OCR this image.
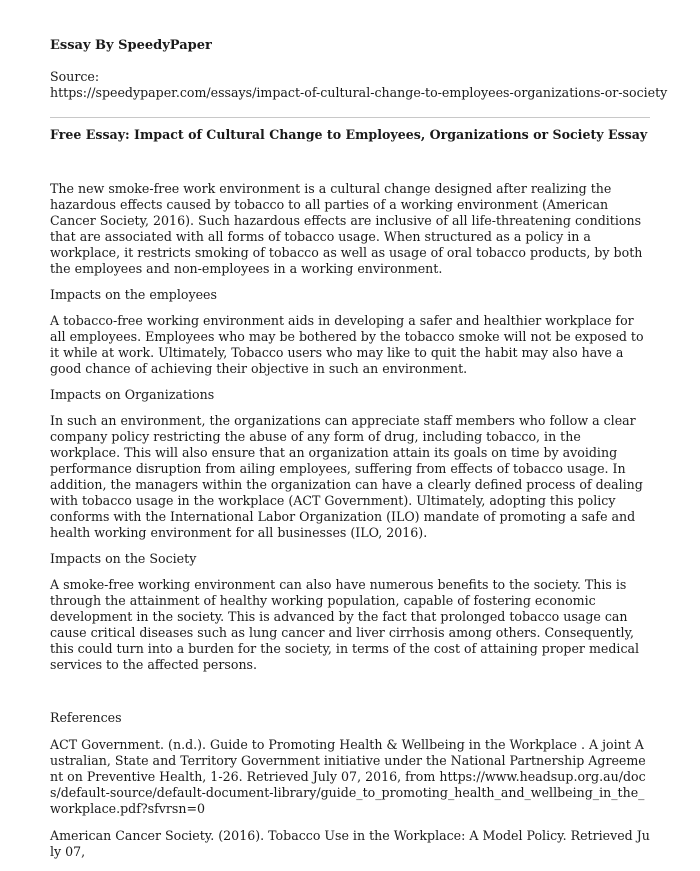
Essay By SpeedyPaper

Source:

https://speedypaper.com/essays/impact-of-cultural-change-to-employees-organizations-or-society

Free Essay: Impact of Cultural Change to Employees, Organizations or Society Essay

The new smoke-free work environment is a cultural change designed after realizing the hazardous effects caused by tobacco to all parties of a working environment (American Cancer Society, 2016). Such hazardous effects are inclusive of all life-threatening conditions that are associated with all forms of tobacco usage. When structured as a policy in a workplace, it restricts smoking of tobacco as well as usage of oral tobacco products, by both the employees and non-employees in a working environment.

Impacts on the employees

A tobacco-free working environment aids in developing a safer and healthier workplace for all employees. Employees who may be bothered by the tobacco smoke will not be exposed to it while at work. Ultimately, Tobacco users who may like to quit the habit may also have a good chance of achieving their objective in such an environment.

Impacts on Organizations

In such an environment, the organizations can appreciate staff members who follow a clear company policy restricting the abuse of any form of drug, including tobacco, in the workplace. This will also ensure that an organization attain its goals on time by avoiding performance disruption from ailing employees, suffering from effects of tobacco usage. In addition, the managers within the organization can have a clearly defined process of dealing with tobacco usage in the workplace (ACT Government). Ultimately, adopting this policy conforms with the International Labor Organization (ILO) mandate of promoting a safe and health working environment for all businesses (ILO, 2016).

Impacts on the Society

A smoke-free working environment can also have numerous benefits to the society. This is through the attainment of healthy working population, capable of fostering economic development in the society. This is advanced by the fact that prolonged tobacco usage can cause critical diseases such as lung cancer and liver cirrhosis among others. Consequently, this could turn into a burden for the society, in terms of the cost of attaining proper medical services to the affected persons.

References

ACT Government. (n.d.). Guide to Promoting Health & Wellbeing in the Workplace . A joint Australian, State and Territory Government initiative under the National Partnership Agreement on Preventive Health, 1-26. Retrieved July 07, 2016, from https://www.headsup.org.au/docs/default-source/default-document-library/guide_to_promoting_health_and_wellbeing_in_the_workplace.pdf?sfvrsn=0

American Cancer Society. (2016). Tobacco Use in the Workplace: A Model Policy. Retrieved July 07,
